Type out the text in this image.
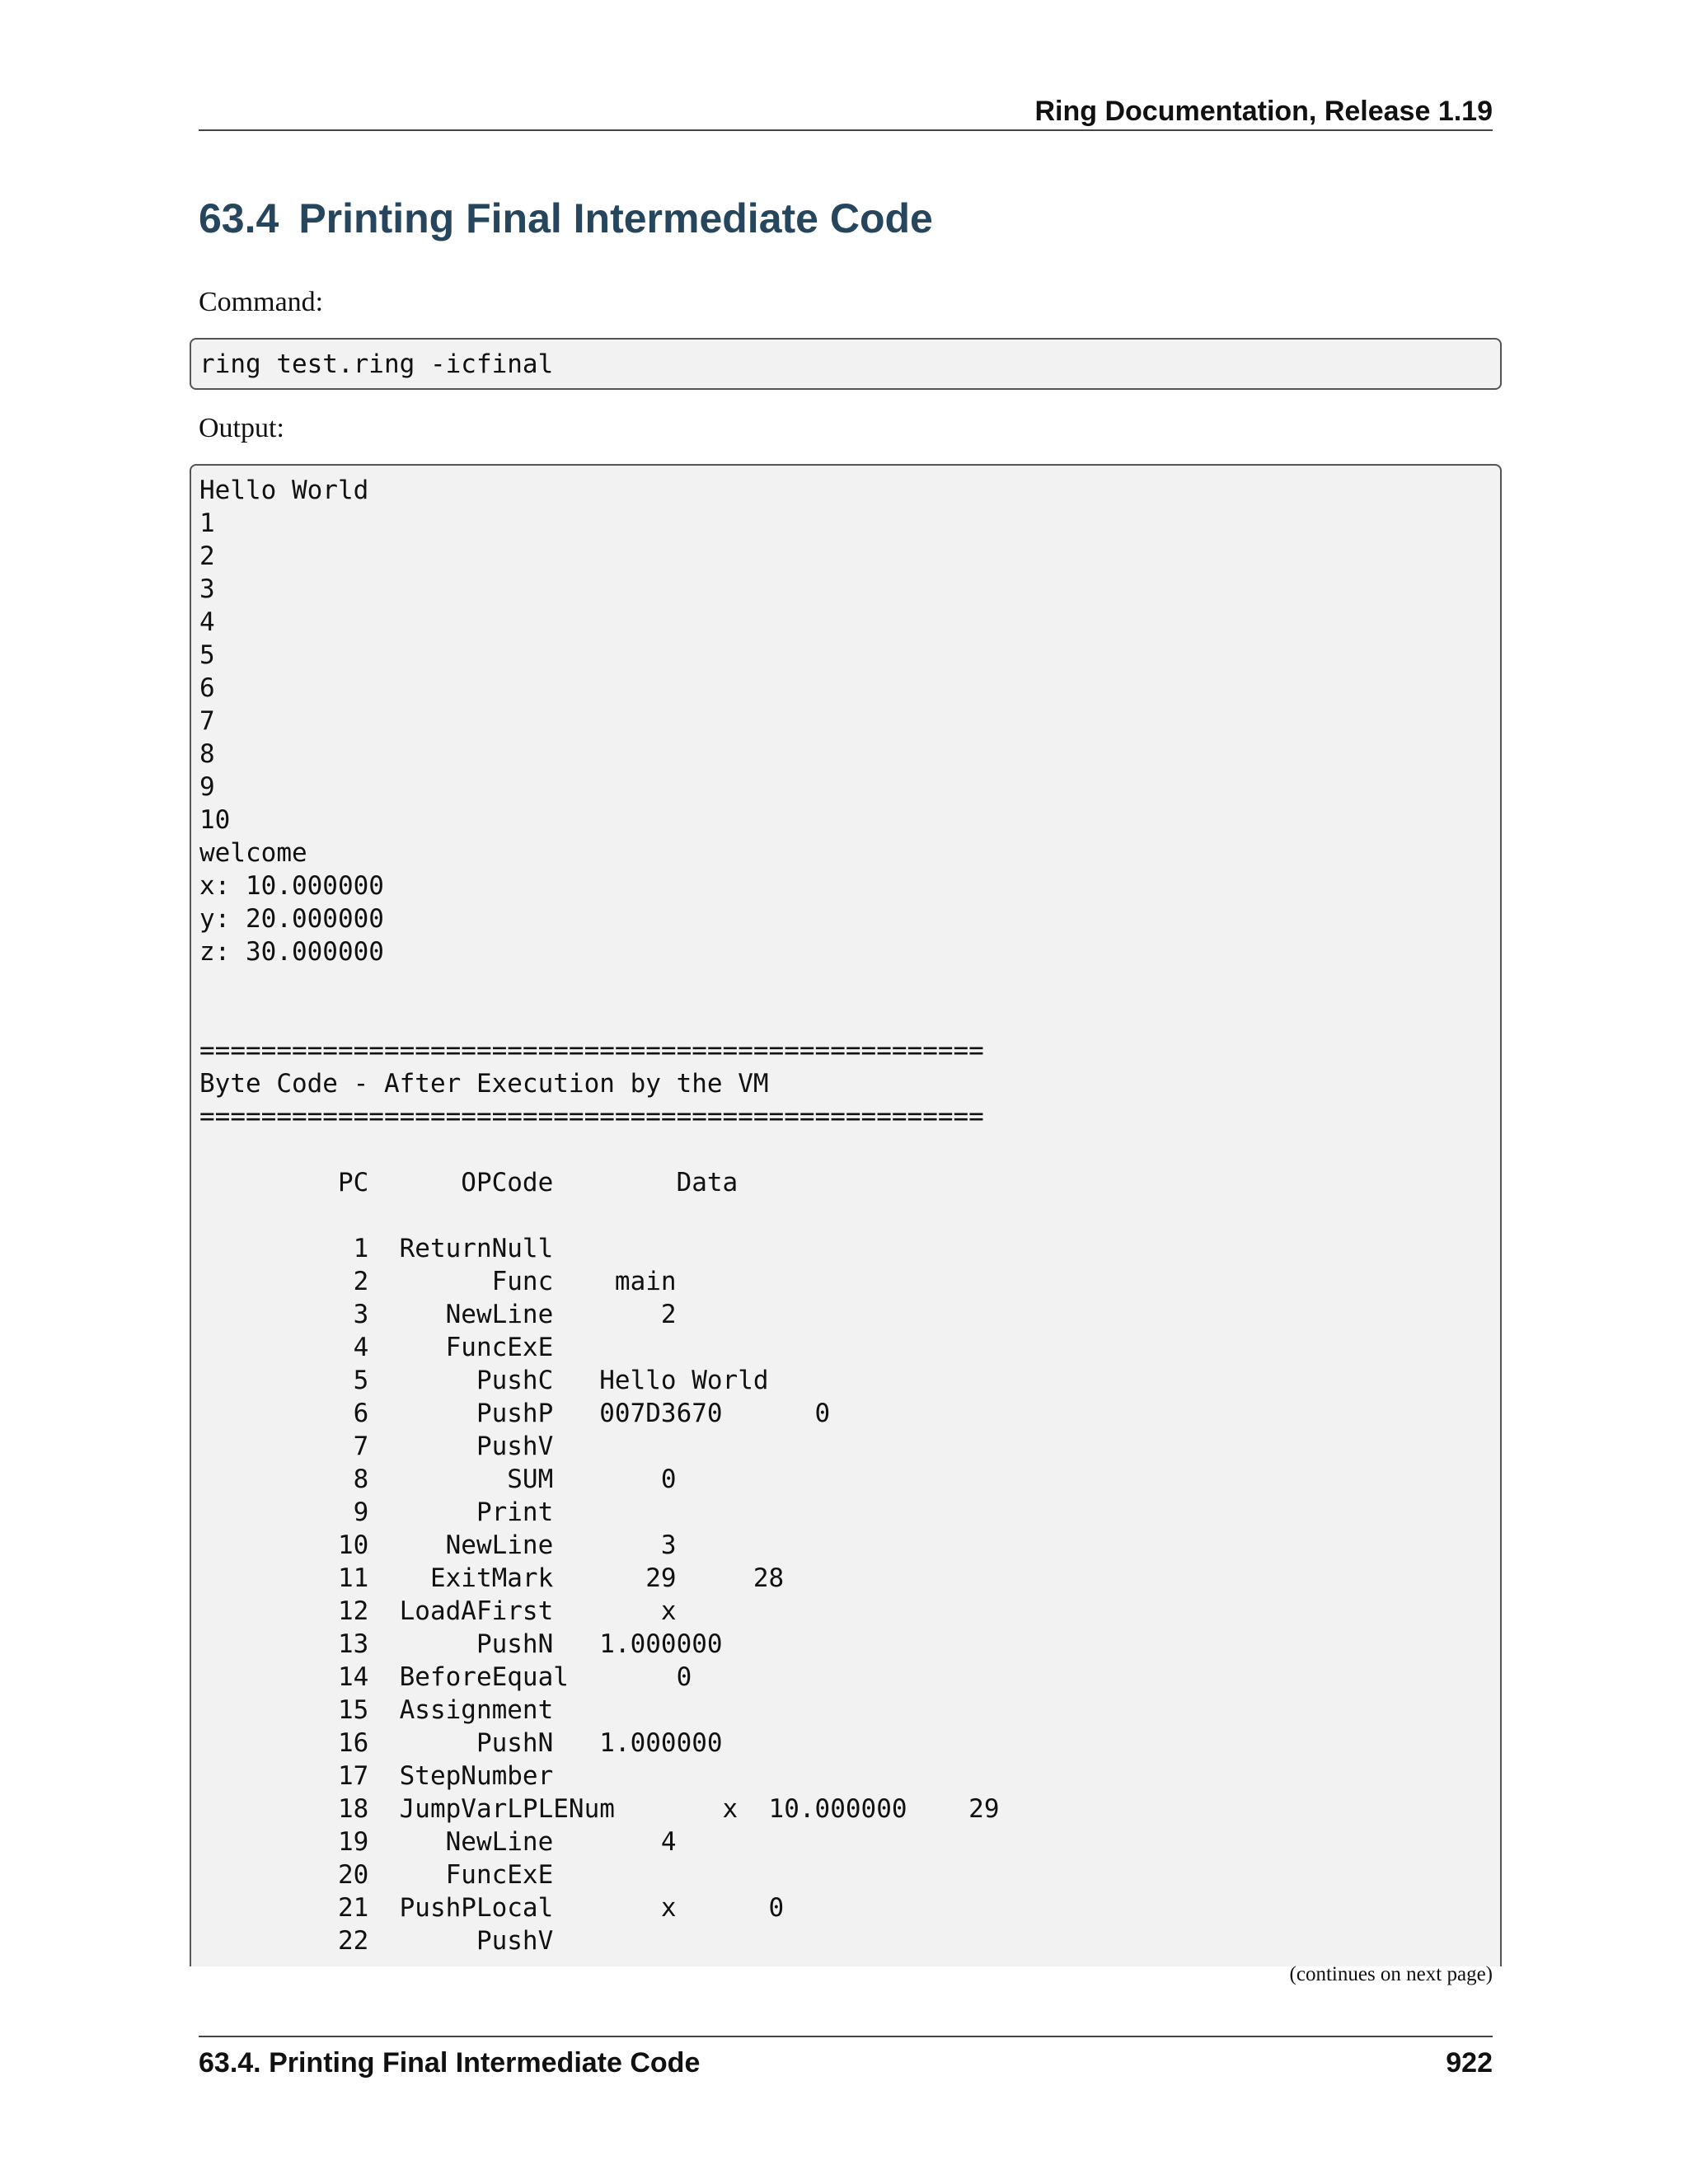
Ring Documentation, Release 1.19
63.4 Printing Final Intermediate Code

Command:

ring test.ring -icfinal

Output:

Hello World
1
2
3
4
5
6
7
8
9
10
welcome
x: 10.000000
y: 20.000000
z: 30.000000

===================================================
Byte Code - After Execution by the VM
===================================================

PC      OPCode        Data

1  ReturnNull
2        Func    main
3     NewLine       2
4     FuncExE
5       PushC   Hello World
6       PushP   007D3670      0
7       PushV
8         SUM       0
9       Print
10     NewLine       3
11    ExitMark      29     28
12  LoadAFirst       x
13       PushN   1.000000
14  BeforeEqual       0
15  Assignment
16       PushN   1.000000
17  StepNumber
18  JumpVarLPLENum       x  10.000000    29
19     NewLine       4
20     FuncExE
21  PushPLocal       x      0
22       PushV
(continues on next page)
63.4. Printing Final Intermediate Code	922
